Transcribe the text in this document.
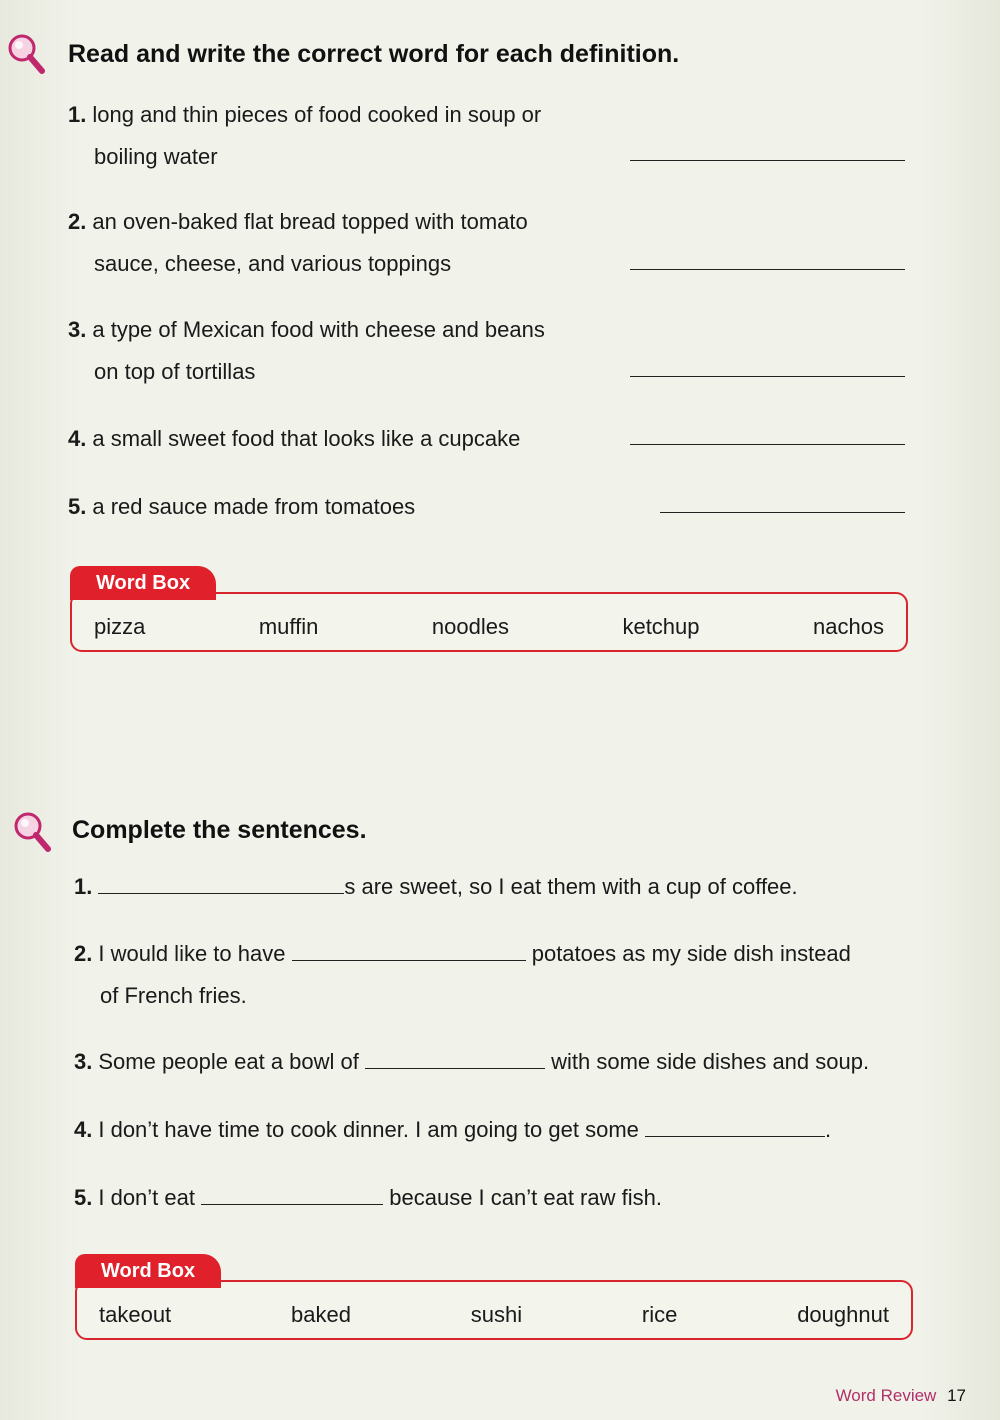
Read and write the correct word for each definition.
1. long and thin pieces of food cooked in soup or
boiling water
2. an oven-baked flat bread topped with tomato
sauce, cheese, and various toppings
3. a type of Mexican food with cheese and beans
on top of tortillas
4. a small sweet food that looks like a cupcake
5. a red sauce made from tomatoes
Word Box
pizza	muffin	noodles	ketchup	nachos
Complete the sentences.
1.	s are sweet, so I eat them with a cup of coffee.
2. I would like to have	potatoes as my side dish instead
of French fries.
3. Some people eat a bowl of	with some side dishes and soup.
4. I don’t have time to cook dinner. I am going to get some	.
5. I don’t eat	because I can’t eat raw fish.
Word Box
takeout	baked	sushi	rice	doughnut
Word Review 17
